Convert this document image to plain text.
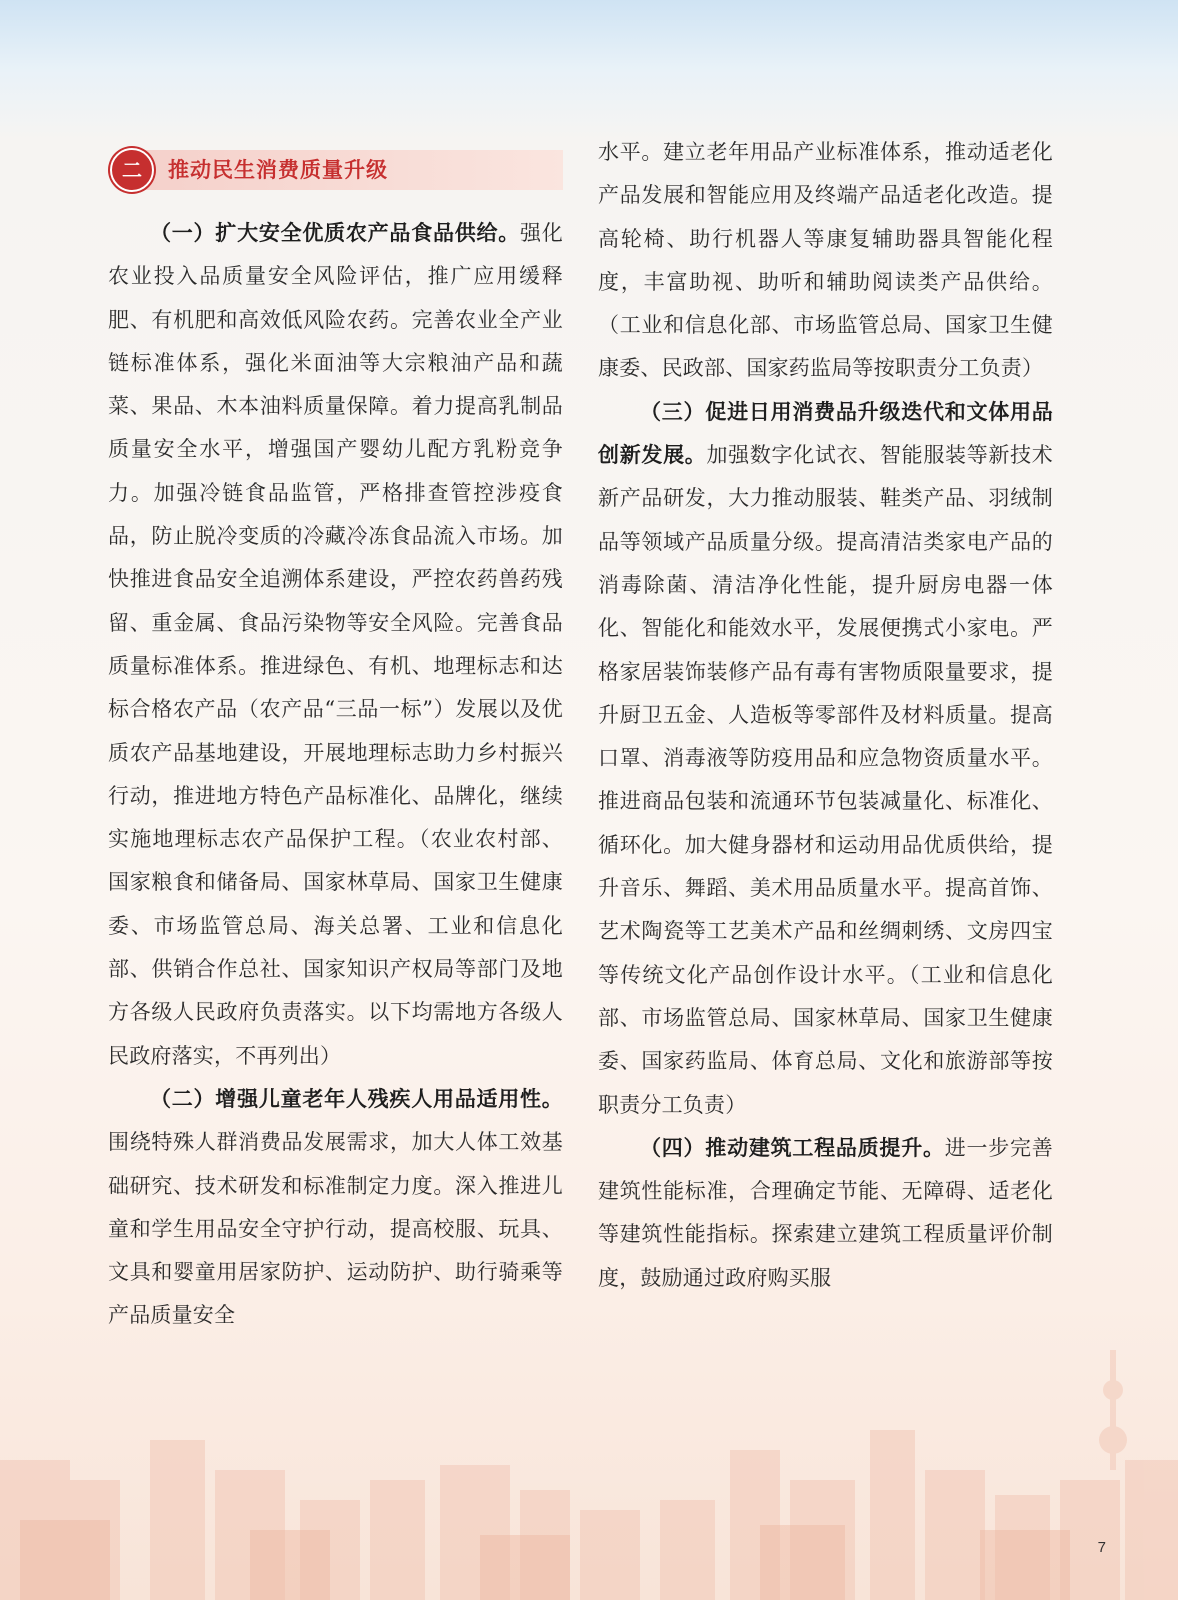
二	推动民生消费质量升级

（一）扩大安全优质农产品食品供给。强化农业投入品质量安全风险评估，推广应用缓释肥、有机肥和高效低风险农药。完善农业全产业链标准体系，强化米面油等大宗粮油产品和蔬菜、果品、木本油料质量保障。着力提高乳制品质量安全水平，增强国产婴幼儿配方乳粉竞争力。加强冷链食品监管，严格排查管控涉疫食品，防止脱冷变质的冷藏冷冻食品流入市场。加快推进食品安全追溯体系建设，严控农药兽药残留、重金属、食品污染物等安全风险。完善食品质量标准体系。推进绿色、有机、地理标志和达标合格农产品（农产品“三品一标”）发展以及优质农产品基地建设，开展地理标志助力乡村振兴行动，推进地方特色产品标准化、品牌化，继续实施地理标志农产品保护工程。（农业农村部、国家粮食和储备局、国家林草局、国家卫生健康委、市场监管总局、海关总署、工业和信息化部、供销合作总社、国家知识产权局等部门及地方各级人民政府负责落实。以下均需地方各级人民政府落实，不再列出）

（二）增强儿童老年人残疾人用品适用性。围绕特殊人群消费品发展需求，加大人体工效基础研究、技术研发和标准制定力度。深入推进儿童和学生用品安全守护行动，提高校服、玩具、文具和婴童用居家防护、运动防护、助行骑乘等产品质量安全

水平。建立老年用品产业标准体系，推动适老化产品发展和智能应用及终端产品适老化改造。提高轮椅、助行机器人等康复辅助器具智能化程度，丰富助视、助听和辅助阅读类产品供给。（工业和信息化部、市场监管总局、国家卫生健康委、民政部、国家药监局等按职责分工负责）

（三）促进日用消费品升级迭代和文体用品创新发展。加强数字化试衣、智能服装等新技术新产品研发，大力推动服装、鞋类产品、羽绒制品等领域产品质量分级。提高清洁类家电产品的消毒除菌、清洁净化性能，提升厨房电器一体化、智能化和能效水平，发展便携式小家电。严格家居装饰装修产品有毒有害物质限量要求，提升厨卫五金、人造板等零部件及材料质量。提高口罩、消毒液等防疫用品和应急物资质量水平。推进商品包装和流通环节包装减量化、标准化、循环化。加大健身器材和运动用品优质供给，提升音乐、舞蹈、美术用品质量水平。提高首饰、艺术陶瓷等工艺美术产品和丝绸刺绣、文房四宝等传统文化产品创作设计水平。（工业和信息化部、市场监管总局、国家林草局、国家卫生健康委、国家药监局、体育总局、文化和旅游部等按职责分工负责）

（四）推动建筑工程品质提升。进一步完善建筑性能标准，合理确定节能、无障碍、适老化等建筑性能指标。探索建立建筑工程质量评价制度，鼓励通过政府购买服

7
